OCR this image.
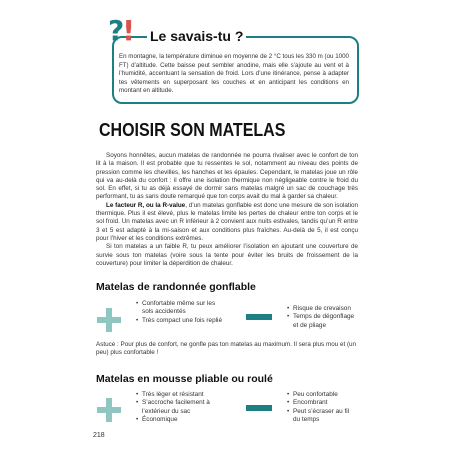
?! Le savais-tu ?
En montagne, la température diminue en moyenne de 2 °C tous les 330 m (ou 1000 FT) d’altitude. Cette baisse peut sembler anodine, mais elle s’ajoute au vent et à l’humidité, accentuant la sensation de froid. Lors d’une itinérance, pense à adapter tes vêtements en superposant les couches et en anticipant les conditions en montant en altitude.
CHOISIR SON MATELAS

Soyons honnêtes, aucun matelas de randonnée ne pourra rivaliser avec le confort de ton lit à la maison. Il est probable que tu ressentes le sol, notamment au niveau des points de pression comme les chevilles, les hanches et les épaules. Cependant, le matelas joue un rôle qui va au-delà du confort : il offre une isolation thermique non négligeable contre le froid du sol. En effet, si tu as déjà essayé de dormir sans matelas malgré un sac de couchage très performant, tu as sans doute remarqué que ton corps avait du mal à garder sa chaleur.

Le facteur R, ou la R-value, d’un matelas gonflable est donc une mesure de son isolation thermique. Plus il est élevé, plus le matelas limite les pertes de chaleur entre ton corps et le sol froid. Un matelas avec un R inférieur à 2 convient aux nuits estivales, tandis qu’un R entre 3 et 5 est adapté à la mi-saison et aux conditions plus fraîches. Au-delà de 5, il est conçu pour l’hiver et les conditions extrêmes.

Si ton matelas a un faible R, tu peux améliorer l’isolation en ajoutant une couverture de survie sous ton matelas (voire sous la tente pour éviter les bruits de froissement de la couverture) pour limiter la déperdition de chaleur.

Matelas de randonnée gonflable
• Confortable même sur les sols accidentés
• Très compact une fois replié
• Risque de crevaison
• Temps de dégonflage et de pliage
Astuce : Pour plus de confort, ne gonfle pas ton matelas au maximum. Il sera plus mou et (un peu) plus confortable !
Matelas en mousse pliable ou roulé
• Très léger et résistant
• S’accroche facilement à l’extérieur du sac
• Économique
• Peu confortable
• Encombrant
• Peut s’écraser au fil du temps
218
